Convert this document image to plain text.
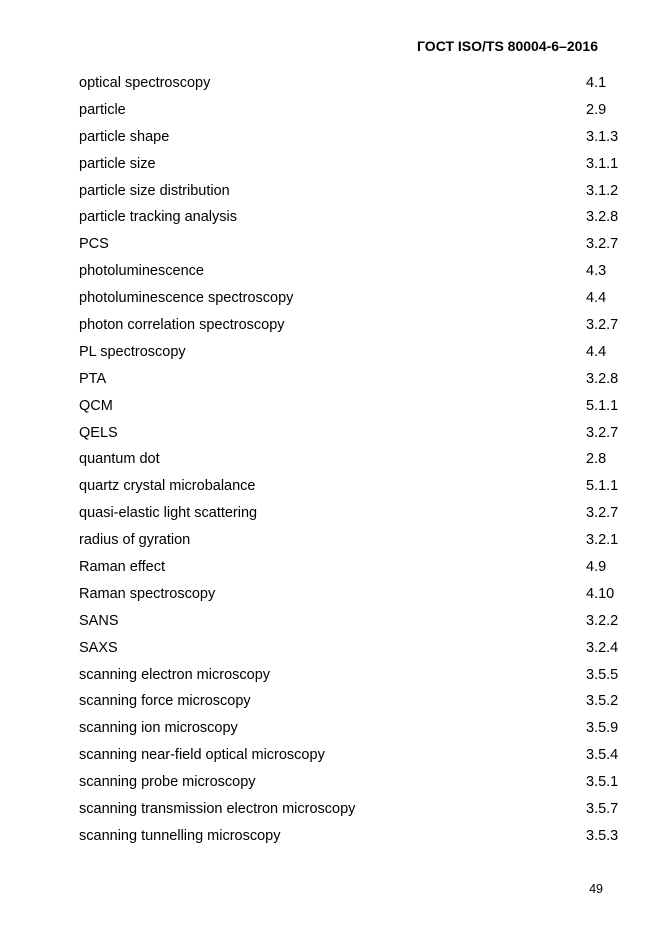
ГОСТ ISO/TS 80004-6–2016
optical spectroscopy	4.1
particle	2.9
particle shape	3.1.3
particle size	3.1.1
particle size distribution	3.1.2
particle tracking analysis	3.2.8
PCS	3.2.7
photoluminescence	4.3
photoluminescence spectroscopy	4.4
photon correlation spectroscopy	3.2.7
PL spectroscopy	4.4
PTA	3.2.8
QCM	5.1.1
QELS	3.2.7
quantum dot	2.8
quartz crystal microbalance	5.1.1
quasi-elastic light scattering	3.2.7
radius of gyration	3.2.1
Raman effect	4.9
Raman spectroscopy	4.10
SANS	3.2.2
SAXS	3.2.4
scanning electron microscopy	3.5.5
scanning force microscopy	3.5.2
scanning ion microscopy	3.5.9
scanning near-field optical microscopy	3.5.4
scanning probe microscopy	3.5.1
scanning transmission electron microscopy	3.5.7
scanning tunnelling microscopy	3.5.3
49
